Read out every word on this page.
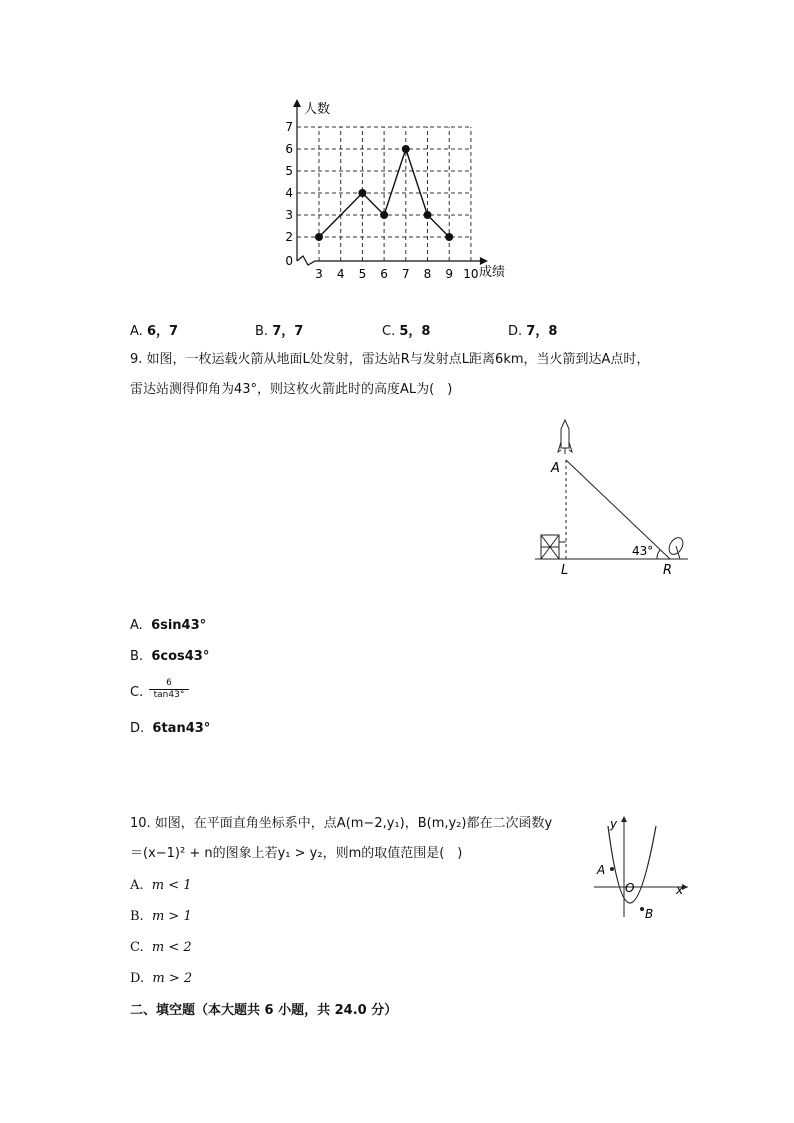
3 4 5 6 7 8 9 10
0
2
3
4
5
6
7
人数
成绩
A. 6，7	B. 7，7	C. 5，8	D. 7，8
9. 如图，一枚运载火箭从地面L处发射，雷达站R与发射点L距离6km，当火箭到达A点时，
雷达站测得仰角为43°，则这枚火箭此时的高度AL为(　)
43°
A
L	R
A. 6sin43°
B. 6cos43°
C. $\frac{6}{\tan 43^\circ}$
D. 6tan43°
10. 如图，在平面直角坐标系中，点A(m−2,y₁)，B(m,y₂)都在二次函数y
＝(x−1)² + n的图象上若y₁ > y₂，则m的取值范围是(　)
A
B
O	x
y
A. m < 1
B. m > 1
C. m < 2
D. m > 2
二、填空题（本大题共 6 小题，共 24.0 分）
